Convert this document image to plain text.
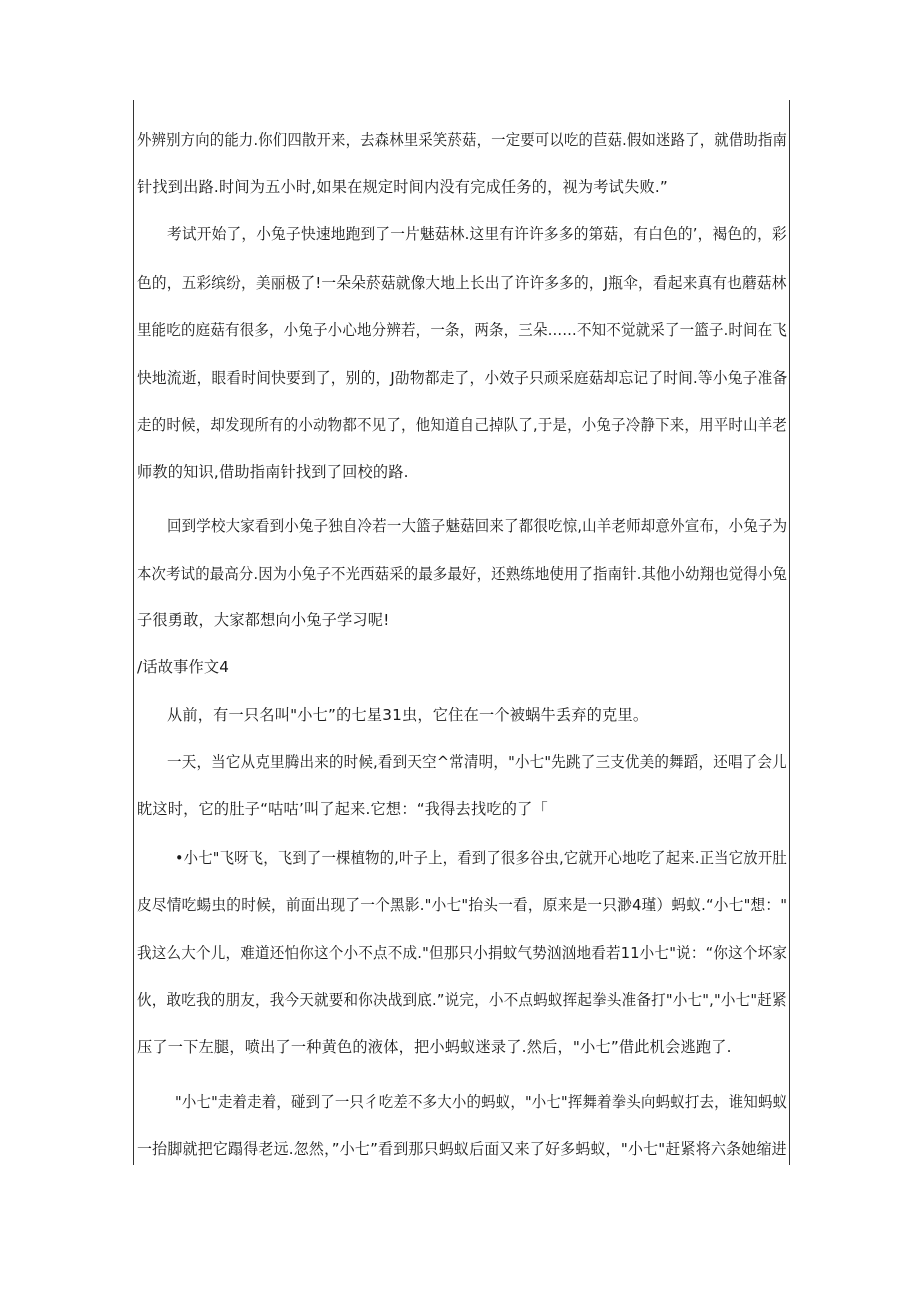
外辨别方向的能力.你们四散开来，去森林里采笑菸菇，一定要可以吃的苣菇.假如迷路了，就借助指南
针找到出路.时间为五小时,如果在规定时间内没有完成任务的，视为考试失败.”
考试开始了，小兔子快速地跑到了一片魅菇林.这里有许许多多的第菇，有白色的’，褐色的，彩
色的，五彩缤纷，美丽极了!一朵朵菸菇就像大地上长出了许许多多的，J瓶伞，看起来真有也蘑菇林
里能吃的庭菇有很多，小兔子小心地分辨若，一条，两条，三朵……不知不觉就采了一篮子.时间在飞
快地流逝，眼看时间快要到了，别的，J劭物都走了，小效子只顽采庭菇却忘记了时间.等小兔子准备
走的时候，却发现所有的小动物都不见了，他知道自己掉队了,于是，小兔子冷静下来，用平时山羊老
师教的知识,借助指南针找到了回校的路.
回到学校大家看到小兔子独自冷若一大篮子魅菇回来了都很吃惊,山羊老师却意外宣布，小兔子为
本次考试的最高分.因为小兔子不光西菇采的最多最好，还熟练地使用了指南针.其他小幼翔也觉得小兔
子很勇敢，大家都想向小兔子学习呢!
/话故事作文4
从前，有一只名叫"小七”的七星31虫，它住在一个被蜗牛丢弃的克里。
一天，当它从克里腾出来的时候,看到天空^常清明，"小七"先跳了三支优美的舞蹈，还唱了会儿
眈这时，它的肚子“咕咕’叫了起来.它想：“我得去找吃的了「
•小七"飞呀飞，飞到了一棵植物的,叶子上，看到了很多谷虫,它就开心地吃了起来.正当它放开肚
皮尽情吃蝪虫的时候，前面出现了一个黑影."小七"抬头一看，原来是一只渺4瑾）蚂蚁.“小七"想："
我这么大个儿，难道还怕你这个小不点不成."但那只小捐蚊气势汹汹地看若11小七"说：“你这个坏家
伙，敢吃我的朋友，我今天就要和你决战到底.”说完，小不点蚂蚁挥起拳头准备打"小七","小七"赶紧
压了一下左腿，喷出了一种黄色的液体，把小蚂蚁迷录了.然后，"小七”借此机会逃跑了.
"小七"走着走着，碰到了一只彳吃差不多大小的蚂蚁，"小七"挥舞着拳头向蚂蚁打去，谁知蚂蚁
一抬脚就把它蹋得老远.忽然，”小七”看到那只蚂蚁后面又来了好多蚂蚁，"小七"赶紧将六条她缩进
